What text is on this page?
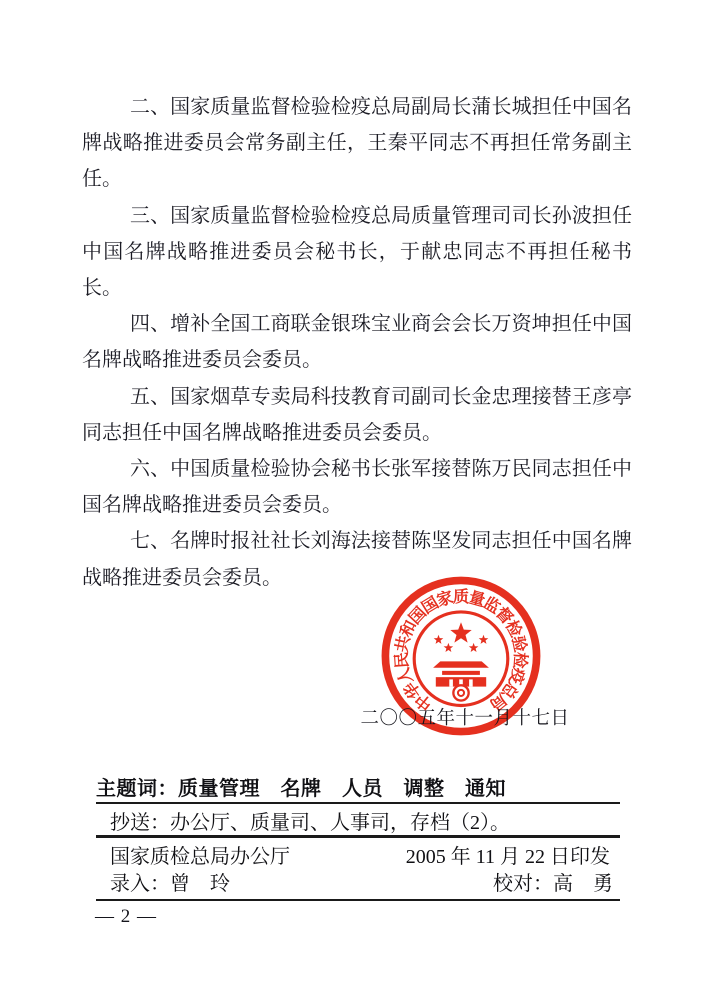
二、国家质量监督检验检疫总局副局长蒲长城担任中国名牌战略推进委员会常务副主任，王秦平同志不再担任常务副主任。

三、国家质量监督检验检疫总局质量管理司司长孙波担任中国名牌战略推进委员会秘书长，于献忠同志不再担任秘书长。

四、增补全国工商联金银珠宝业商会会长万资坤担任中国名牌战略推进委员会委员。

五、国家烟草专卖局科技教育司副司长金忠理接替王彦亭同志担任中国名牌战略推进委员会委员。

六、中国质量检验协会秘书长张军接替陈万民同志担任中国名牌战略推进委员会委员。

七、名牌时报社社长刘海法接替陈坚发同志担任中国名牌战略推进委员会委员。

中
华
人
民
共
和
国
国
家
质
量
监
督
检
验
检
疫
总
局
二〇〇五年十一月十七日
主题词：质量管理　名牌　人员　调整　通知
抄送：办公厅、质量司、人事司，存档（2）。
国家质检总局办公厅	2005 年 11 月 22 日印发
录入：曾　玲	校对：高　勇
— 2 —
